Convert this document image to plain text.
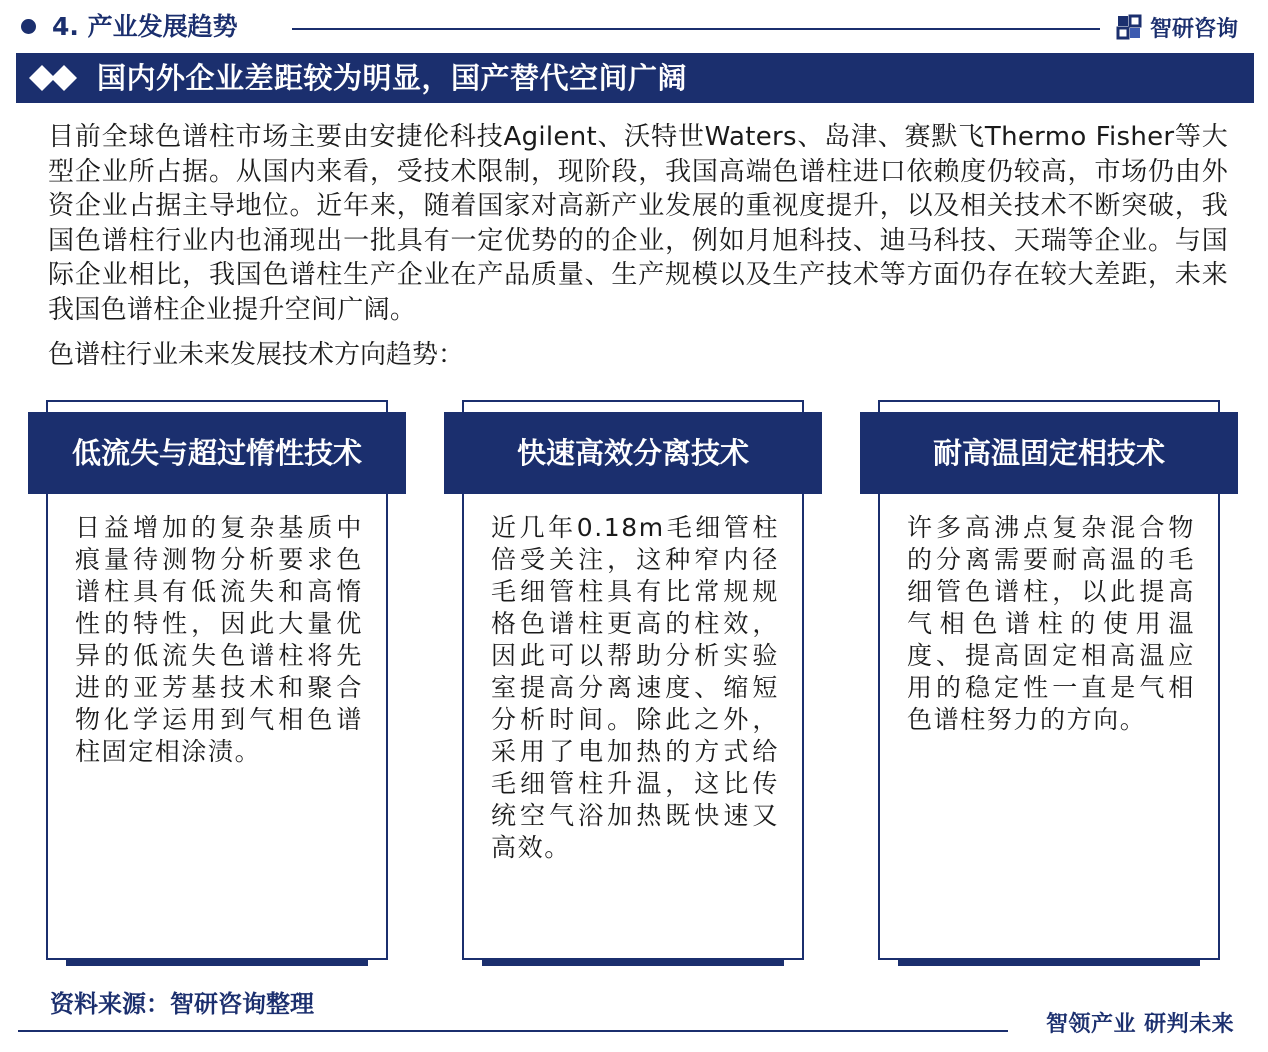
4. 产业发展趋势	智研咨询
国内外企业差距较为明显，国产替代空间广阔

目前全球色谱柱市场主要由安捷伦科技Agilent、沃特世Waters、岛津、赛默飞Thermo Fisher等大型企业所占据。从国内来看，受技术限制，现阶段，我国高端色谱柱进口依赖度仍较高，市场仍由外资企业占据主导地位。近年来，随着国家对高新产业发展的重视度提升，以及相关技术不断突破，我国色谱柱行业内也涌现出一批具有一定优势的的企业，例如月旭科技、迪马科技、天瑞等企业。与国际企业相比，我国色谱柱生产企业在产品质量、生产规模以及生产技术等方面仍存在较大差距，未来我国色谱柱企业提升空间广阔。

色谱柱行业未来发展技术方向趋势：

低流失与超过惰性技术

日益增加的复杂基质中痕量待测物分析要求色谱柱具有低流失和高惰性的特性，因此大量优异的低流失色谱柱将先进的亚芳基技术和聚合物化学运用到气相色谱柱固定相涂渍。

快速高效分离技术

近几年0.18m毛细管柱倍受关注，这种窄内径毛细管柱具有比常规规格色谱柱更高的柱效，因此可以帮助分析实验室提高分离速度、缩短分析时间。除此之外，采用了电加热的方式给毛细管柱升温，这比传统空气浴加热既快速又高效。

耐高温固定相技术

许多高沸点复杂混合物的分离需要耐高温的毛细管色谱柱，以此提高气相色谱柱的使用温度、提高固定相高温应用的稳定性一直是气相色谱柱努力的方向。

资料来源：智研咨询整理
智领产业 研判未来
